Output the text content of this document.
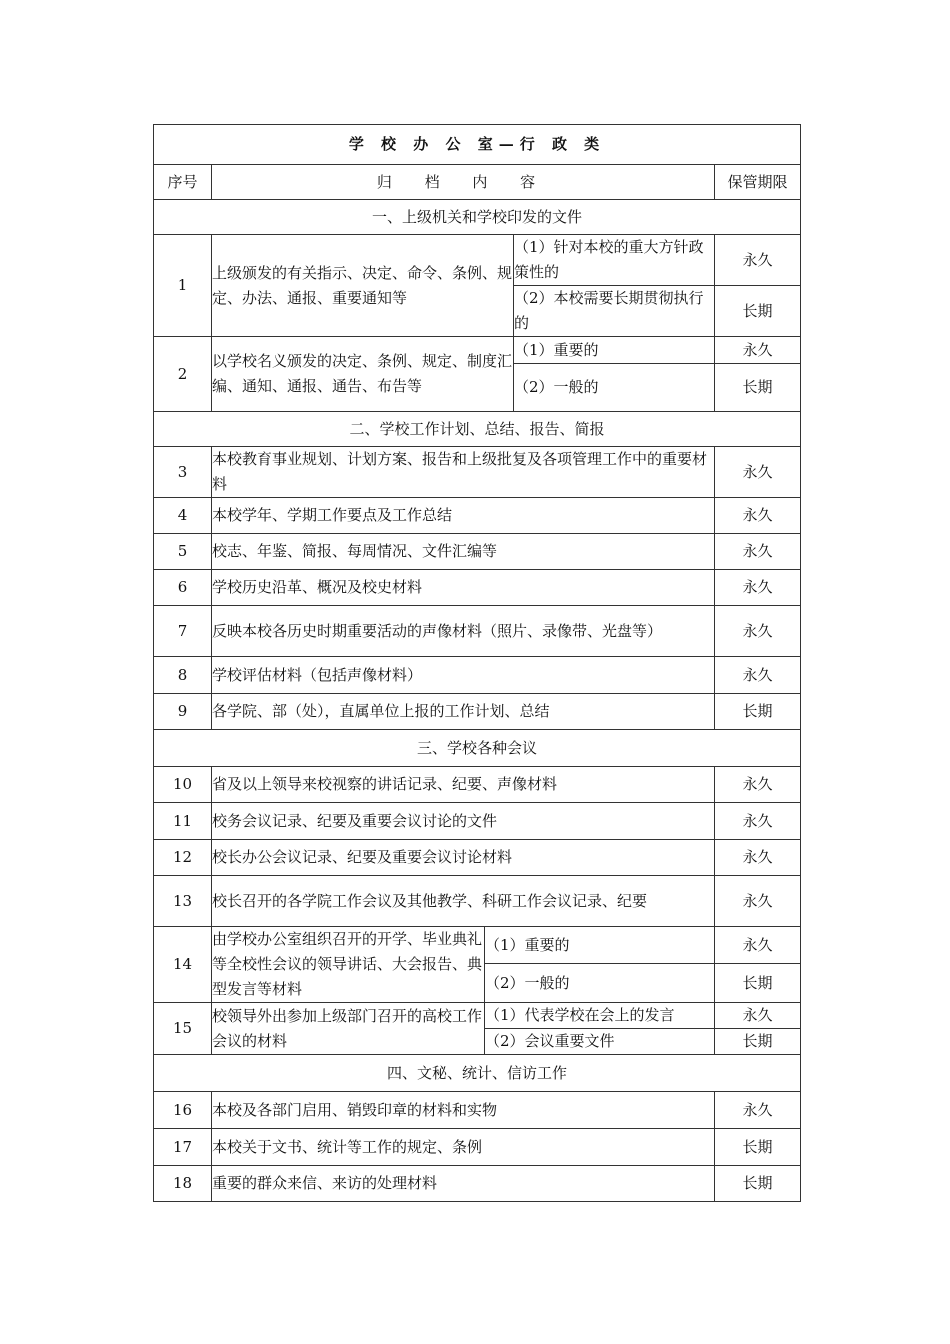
学 校 办 公 室—行 政 类				
序号	归 档 内 容			保管期限
一、上级机关和学校印发的文件				
1	上级颁发的有关指示、决定、命令、条例、规定、办法、通报、重要通知等		（1）针对本校的重大方针政策性的	永久
			（2）本校需要长期贯彻执行的	长期
2	以学校名义颁发的决定、条例、规定、制度汇编、通知、通报、通告、布告等		（1）重要的	永久
			（2）一般的	长期
二、学校工作计划、总结、报告、简报				
3	本校教育事业规划、计划方案、报告和上级批复及各项管理工作中的重要材料			永久
4	本校学年、学期工作要点及工作总结			永久
5	校志、年鉴、简报、每周情况、文件汇编等			永久
6	学校历史沿革、概况及校史材料			永久
7	反映本校各历史时期重要活动的声像材料（照片、录像带、光盘等）			永久
8	学校评估材料（包括声像材料）			永久
9	各学院、部（处），直属单位上报的工作计划、总结			长期
三、学校各种会议				
10	省及以上领导来校视察的讲话记录、纪要、声像材料			永久
11	校务会议记录、纪要及重要会议讨论的文件			永久
12	校长办公会议记录、纪要及重要会议讨论材料			永久
13	校长召开的各学院工作会议及其他教学、科研工作会议记录、纪要			永久
14	由学校办公室组织召开的开学、毕业典礼等全校性会议的领导讲话、大会报告、典型发言等材料	（1）重要的		永久
		（2）一般的		长期
15	校领导外出参加上级部门召开的高校工作会议的材料	（1）代表学校在会上的发言		永久
		（2）会议重要文件		长期
四、文秘、统计、信访工作				
16	本校及各部门启用、销毁印章的材料和实物			永久
17	本校关于文书、统计等工作的规定、条例			长期
18	重要的群众来信、来访的处理材料			长期
